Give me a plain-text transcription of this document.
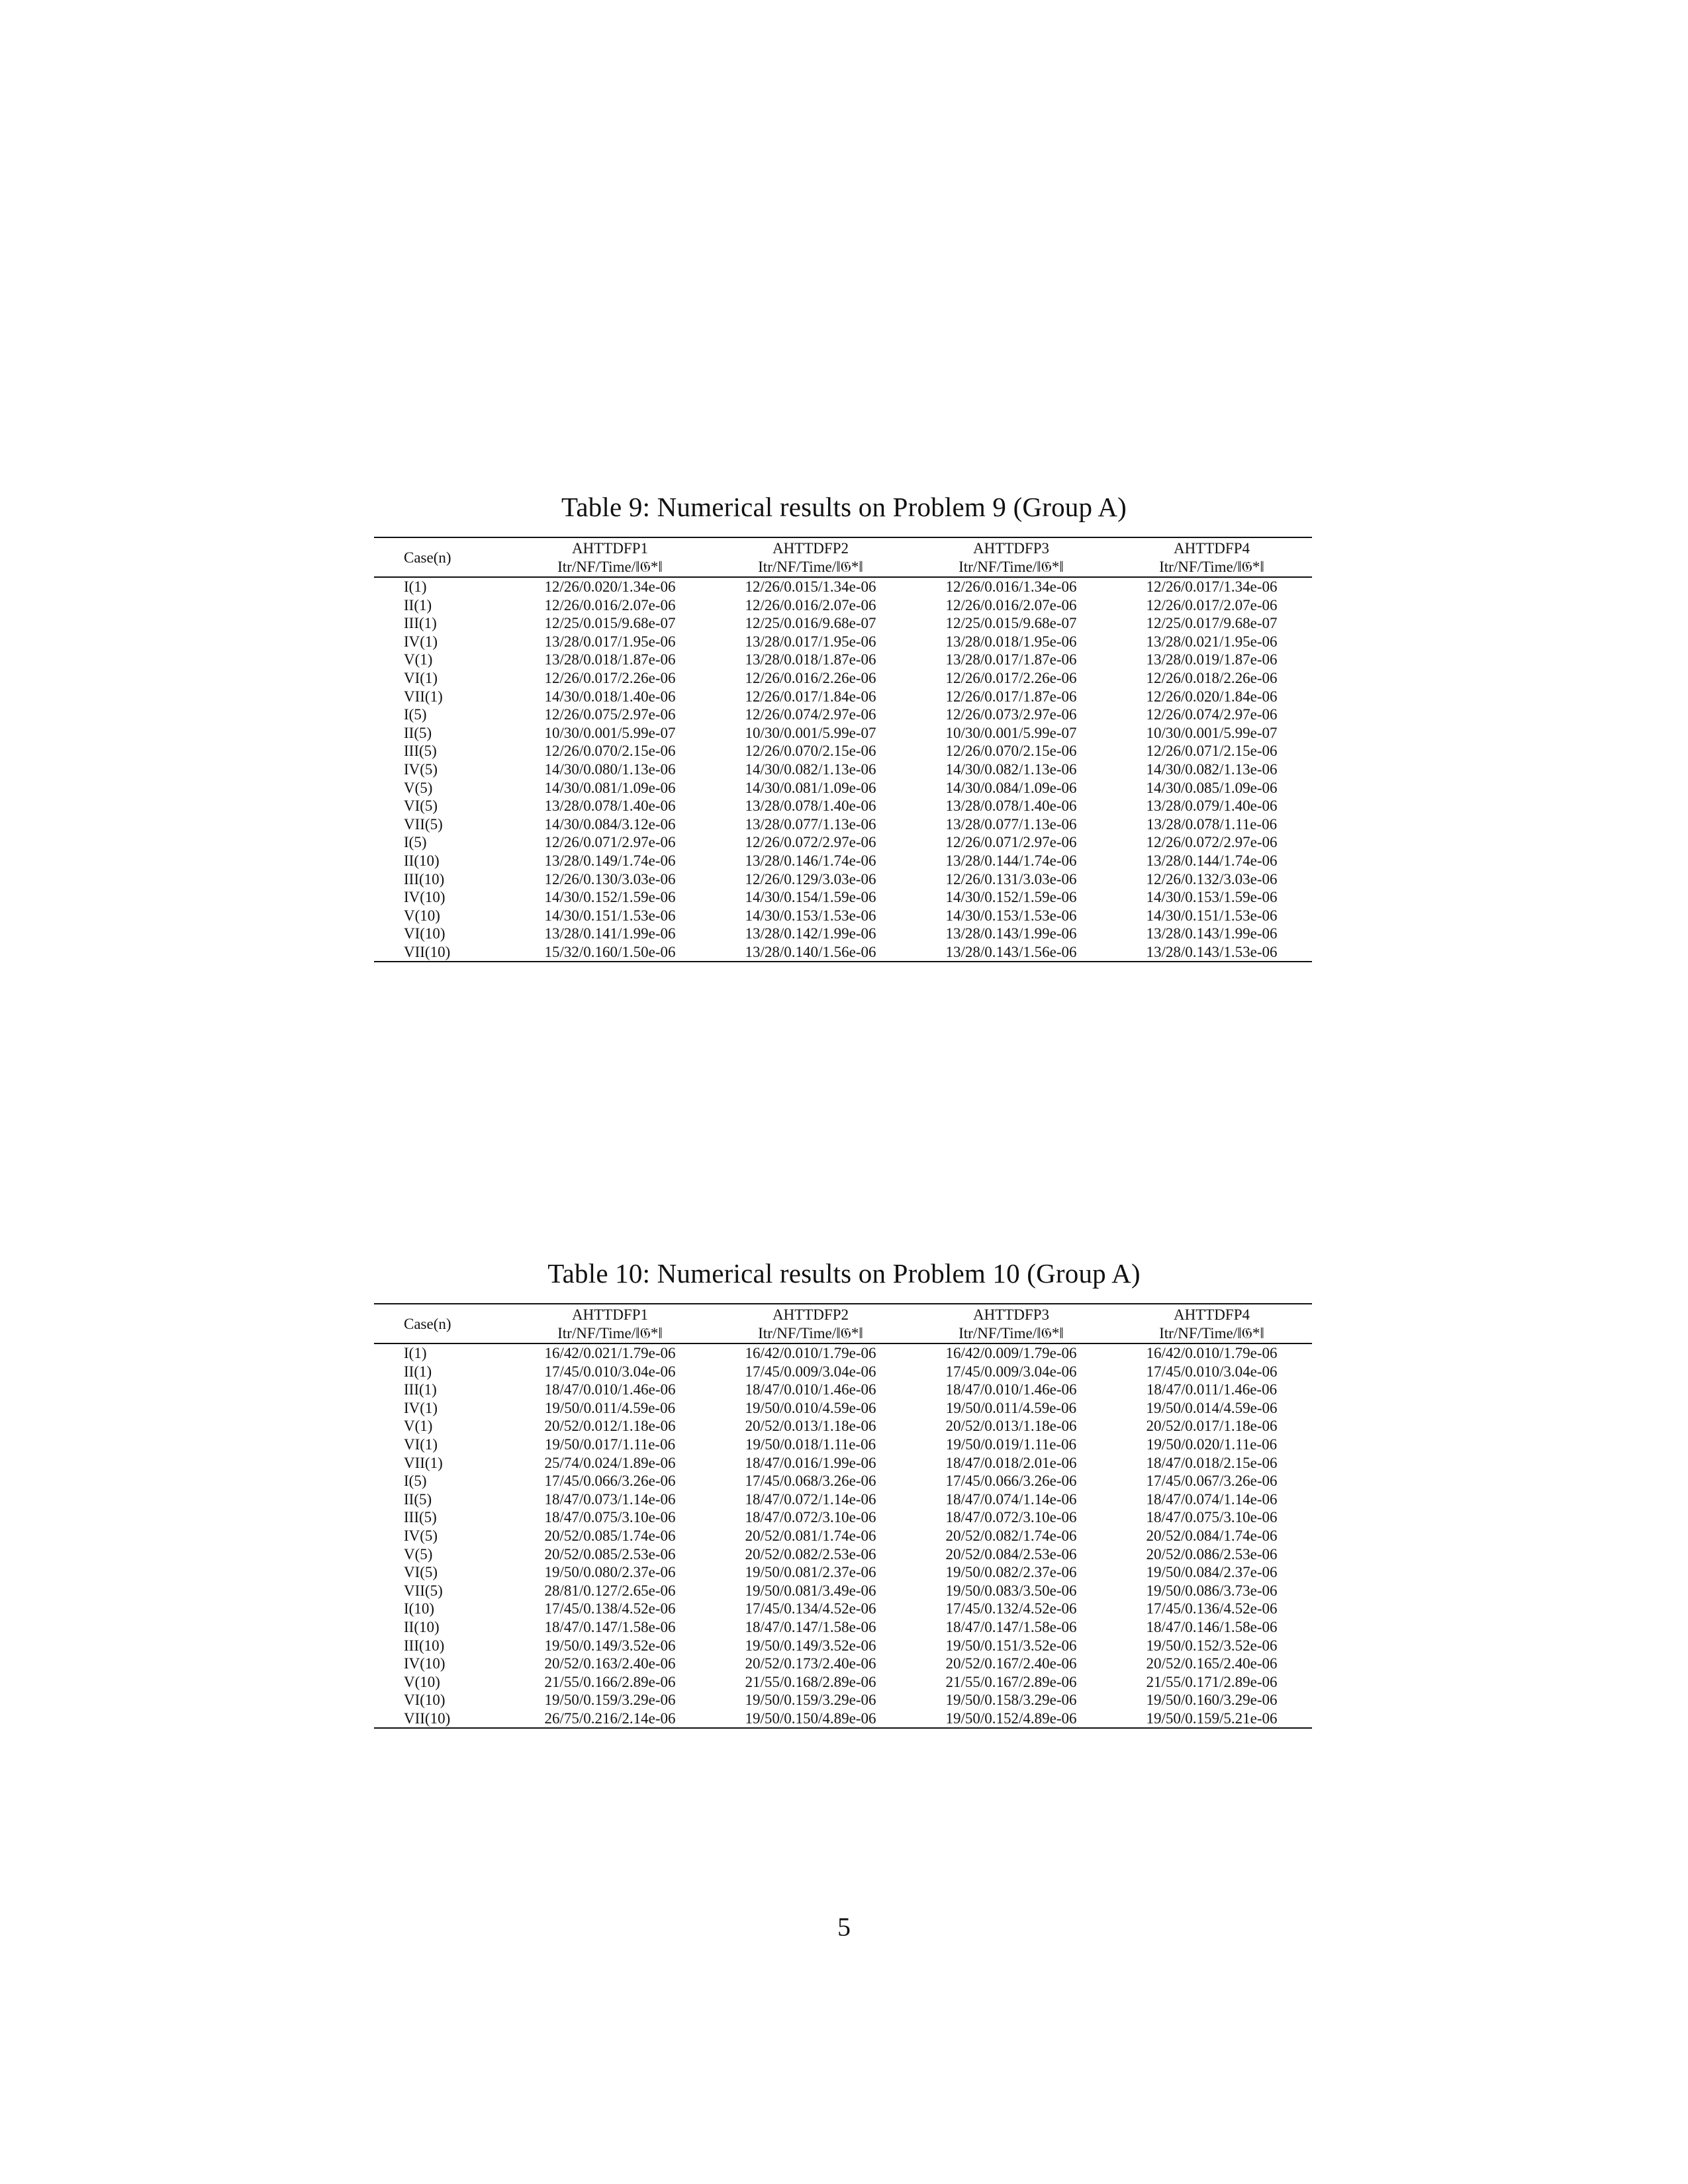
Table 9: Numerical results on Problem 9 (Group A)
Case(n)	AHTTDFP1	AHTTDFP2	AHTTDFP3	AHTTDFP4
	Itr/NF/Time/‖𝔊*‖	Itr/NF/Time/‖𝔊*‖	Itr/NF/Time/‖𝔊*‖	Itr/NF/Time/‖𝔊*‖
I(1)	12/26/0.020/1.34e-06	12/26/0.015/1.34e-06	12/26/0.016/1.34e-06	12/26/0.017/1.34e-06
II(1)	12/26/0.016/2.07e-06	12/26/0.016/2.07e-06	12/26/0.016/2.07e-06	12/26/0.017/2.07e-06
III(1)	12/25/0.015/9.68e-07	12/25/0.016/9.68e-07	12/25/0.015/9.68e-07	12/25/0.017/9.68e-07
IV(1)	13/28/0.017/1.95e-06	13/28/0.017/1.95e-06	13/28/0.018/1.95e-06	13/28/0.021/1.95e-06
V(1)	13/28/0.018/1.87e-06	13/28/0.018/1.87e-06	13/28/0.017/1.87e-06	13/28/0.019/1.87e-06
VI(1)	12/26/0.017/2.26e-06	12/26/0.016/2.26e-06	12/26/0.017/2.26e-06	12/26/0.018/2.26e-06
VII(1)	14/30/0.018/1.40e-06	12/26/0.017/1.84e-06	12/26/0.017/1.87e-06	12/26/0.020/1.84e-06
I(5)	12/26/0.075/2.97e-06	12/26/0.074/2.97e-06	12/26/0.073/2.97e-06	12/26/0.074/2.97e-06
II(5)	10/30/0.001/5.99e-07	10/30/0.001/5.99e-07	10/30/0.001/5.99e-07	10/30/0.001/5.99e-07
III(5)	12/26/0.070/2.15e-06	12/26/0.070/2.15e-06	12/26/0.070/2.15e-06	12/26/0.071/2.15e-06
IV(5)	14/30/0.080/1.13e-06	14/30/0.082/1.13e-06	14/30/0.082/1.13e-06	14/30/0.082/1.13e-06
V(5)	14/30/0.081/1.09e-06	14/30/0.081/1.09e-06	14/30/0.084/1.09e-06	14/30/0.085/1.09e-06
VI(5)	13/28/0.078/1.40e-06	13/28/0.078/1.40e-06	13/28/0.078/1.40e-06	13/28/0.079/1.40e-06
VII(5)	14/30/0.084/3.12e-06	13/28/0.077/1.13e-06	13/28/0.077/1.13e-06	13/28/0.078/1.11e-06
I(5)	12/26/0.071/2.97e-06	12/26/0.072/2.97e-06	12/26/0.071/2.97e-06	12/26/0.072/2.97e-06
II(10)	13/28/0.149/1.74e-06	13/28/0.146/1.74e-06	13/28/0.144/1.74e-06	13/28/0.144/1.74e-06
III(10)	12/26/0.130/3.03e-06	12/26/0.129/3.03e-06	12/26/0.131/3.03e-06	12/26/0.132/3.03e-06
IV(10)	14/30/0.152/1.59e-06	14/30/0.154/1.59e-06	14/30/0.152/1.59e-06	14/30/0.153/1.59e-06
V(10)	14/30/0.151/1.53e-06	14/30/0.153/1.53e-06	14/30/0.153/1.53e-06	14/30/0.151/1.53e-06
VI(10)	13/28/0.141/1.99e-06	13/28/0.142/1.99e-06	13/28/0.143/1.99e-06	13/28/0.143/1.99e-06
VII(10)	15/32/0.160/1.50e-06	13/28/0.140/1.56e-06	13/28/0.143/1.56e-06	13/28/0.143/1.53e-06
Table 10: Numerical results on Problem 10 (Group A)
Case(n)	AHTTDFP1	AHTTDFP2	AHTTDFP3	AHTTDFP4
	Itr/NF/Time/‖𝔊*‖	Itr/NF/Time/‖𝔊*‖	Itr/NF/Time/‖𝔊*‖	Itr/NF/Time/‖𝔊*‖
I(1)	16/42/0.021/1.79e-06	16/42/0.010/1.79e-06	16/42/0.009/1.79e-06	16/42/0.010/1.79e-06
II(1)	17/45/0.010/3.04e-06	17/45/0.009/3.04e-06	17/45/0.009/3.04e-06	17/45/0.010/3.04e-06
III(1)	18/47/0.010/1.46e-06	18/47/0.010/1.46e-06	18/47/0.010/1.46e-06	18/47/0.011/1.46e-06
IV(1)	19/50/0.011/4.59e-06	19/50/0.010/4.59e-06	19/50/0.011/4.59e-06	19/50/0.014/4.59e-06
V(1)	20/52/0.012/1.18e-06	20/52/0.013/1.18e-06	20/52/0.013/1.18e-06	20/52/0.017/1.18e-06
VI(1)	19/50/0.017/1.11e-06	19/50/0.018/1.11e-06	19/50/0.019/1.11e-06	19/50/0.020/1.11e-06
VII(1)	25/74/0.024/1.89e-06	18/47/0.016/1.99e-06	18/47/0.018/2.01e-06	18/47/0.018/2.15e-06
I(5)	17/45/0.066/3.26e-06	17/45/0.068/3.26e-06	17/45/0.066/3.26e-06	17/45/0.067/3.26e-06
II(5)	18/47/0.073/1.14e-06	18/47/0.072/1.14e-06	18/47/0.074/1.14e-06	18/47/0.074/1.14e-06
III(5)	18/47/0.075/3.10e-06	18/47/0.072/3.10e-06	18/47/0.072/3.10e-06	18/47/0.075/3.10e-06
IV(5)	20/52/0.085/1.74e-06	20/52/0.081/1.74e-06	20/52/0.082/1.74e-06	20/52/0.084/1.74e-06
V(5)	20/52/0.085/2.53e-06	20/52/0.082/2.53e-06	20/52/0.084/2.53e-06	20/52/0.086/2.53e-06
VI(5)	19/50/0.080/2.37e-06	19/50/0.081/2.37e-06	19/50/0.082/2.37e-06	19/50/0.084/2.37e-06
VII(5)	28/81/0.127/2.65e-06	19/50/0.081/3.49e-06	19/50/0.083/3.50e-06	19/50/0.086/3.73e-06
I(10)	17/45/0.138/4.52e-06	17/45/0.134/4.52e-06	17/45/0.132/4.52e-06	17/45/0.136/4.52e-06
II(10)	18/47/0.147/1.58e-06	18/47/0.147/1.58e-06	18/47/0.147/1.58e-06	18/47/0.146/1.58e-06
III(10)	19/50/0.149/3.52e-06	19/50/0.149/3.52e-06	19/50/0.151/3.52e-06	19/50/0.152/3.52e-06
IV(10)	20/52/0.163/2.40e-06	20/52/0.173/2.40e-06	20/52/0.167/2.40e-06	20/52/0.165/2.40e-06
V(10)	21/55/0.166/2.89e-06	21/55/0.168/2.89e-06	21/55/0.167/2.89e-06	21/55/0.171/2.89e-06
VI(10)	19/50/0.159/3.29e-06	19/50/0.159/3.29e-06	19/50/0.158/3.29e-06	19/50/0.160/3.29e-06
VII(10)	26/75/0.216/2.14e-06	19/50/0.150/4.89e-06	19/50/0.152/4.89e-06	19/50/0.159/5.21e-06
5
